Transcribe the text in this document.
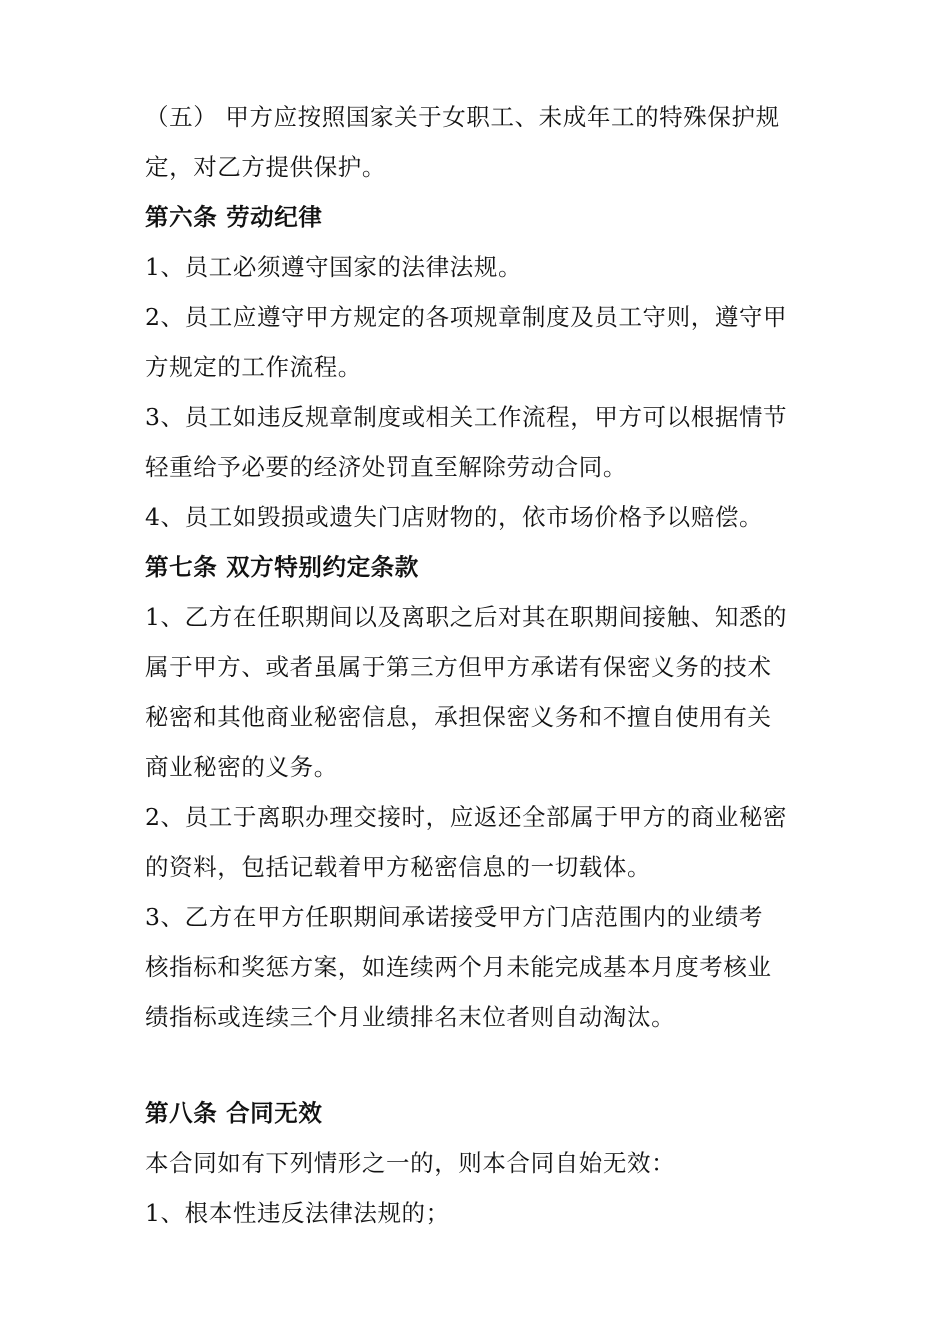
（五） 甲方应按照国家关于女职工、未成年工的特殊保护规
定，对乙方提供保护。
第六条 劳动纪律
1、员工必须遵守国家的法律法规。
2、员工应遵守甲方规定的各项规章制度及员工守则，遵守甲
方规定的工作流程。
3、员工如违反规章制度或相关工作流程，甲方可以根据情节
轻重给予必要的经济处罚直至解除劳动合同。
4、员工如毁损或遗失门店财物的，依市场价格予以赔偿。
第七条 双方特别约定条款
1、乙方在任职期间以及离职之后对其在职期间接触、知悉的
属于甲方、或者虽属于第三方但甲方承诺有保密义务的技术
秘密和其他商业秘密信息，承担保密义务和不擅自使用有关
商业秘密的义务。
2、员工于离职办理交接时，应返还全部属于甲方的商业秘密
的资料，包括记载着甲方秘密信息的一切载体。
3、乙方在甲方任职期间承诺接受甲方门店范围内的业绩考
核指标和奖惩方案，如连续两个月未能完成基本月度考核业
绩指标或连续三个月业绩排名末位者则自动淘汰。
第八条 合同无效
本合同如有下列情形之一的，则本合同自始无效：
1、根本性违反法律法规的；
